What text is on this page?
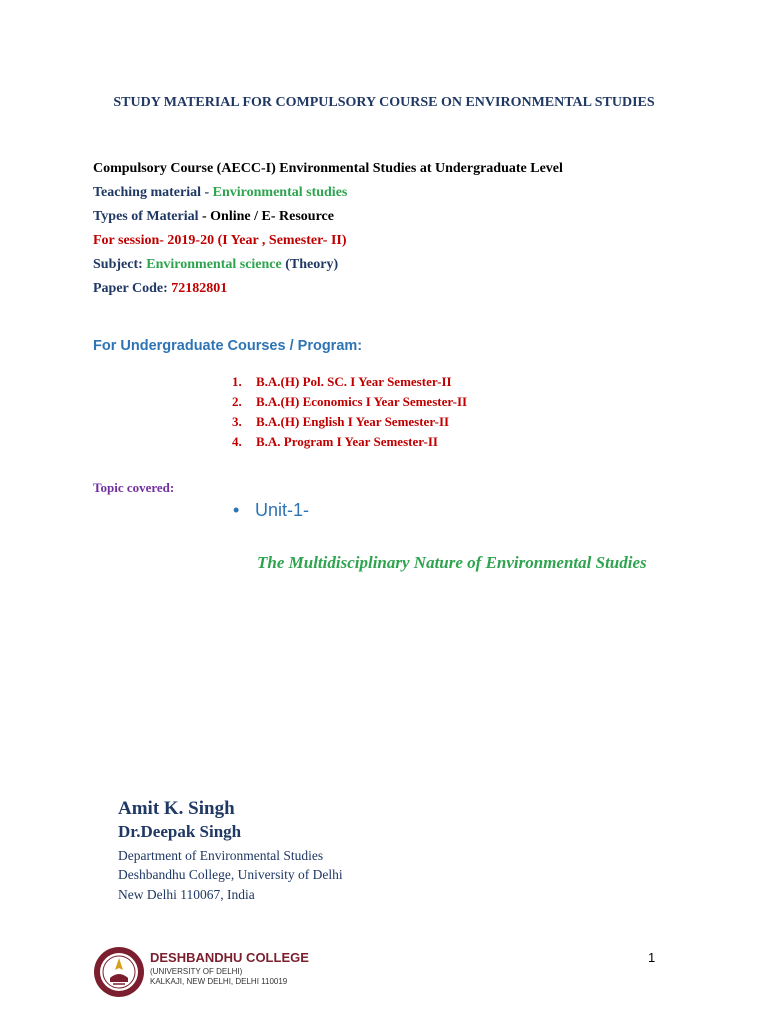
STUDY MATERIAL FOR COMPULSORY COURSE ON ENVIRONMENTAL STUDIES
Compulsory Course (AECC-I) Environmental Studies at Undergraduate Level
Teaching material - Environmental studies
Types of Material - Online / E- Resource
For session- 2019-20 (I Year , Semester- II)
Subject: Environmental science (Theory)
Paper Code: 72182801
For Undergraduate Courses / Program:
1. B.A.(H) Pol. SC. I Year Semester-II
2. B.A.(H) Economics I Year Semester-II
3. B.A.(H) English I Year Semester-II
4. B.A. Program I Year Semester-II
Topic covered:
• Unit-1-
The Multidisciplinary Nature of Environmental Studies
Amit K. Singh
Dr.Deepak Singh
Department of Environmental Studies
Deshbandhu College, University of Delhi
New Delhi 110067, India
DESHBANDHU COLLEGE
(UNIVERSITY OF DELHI)
KALKAJI, NEW DELHI, DELHI 110019
1
